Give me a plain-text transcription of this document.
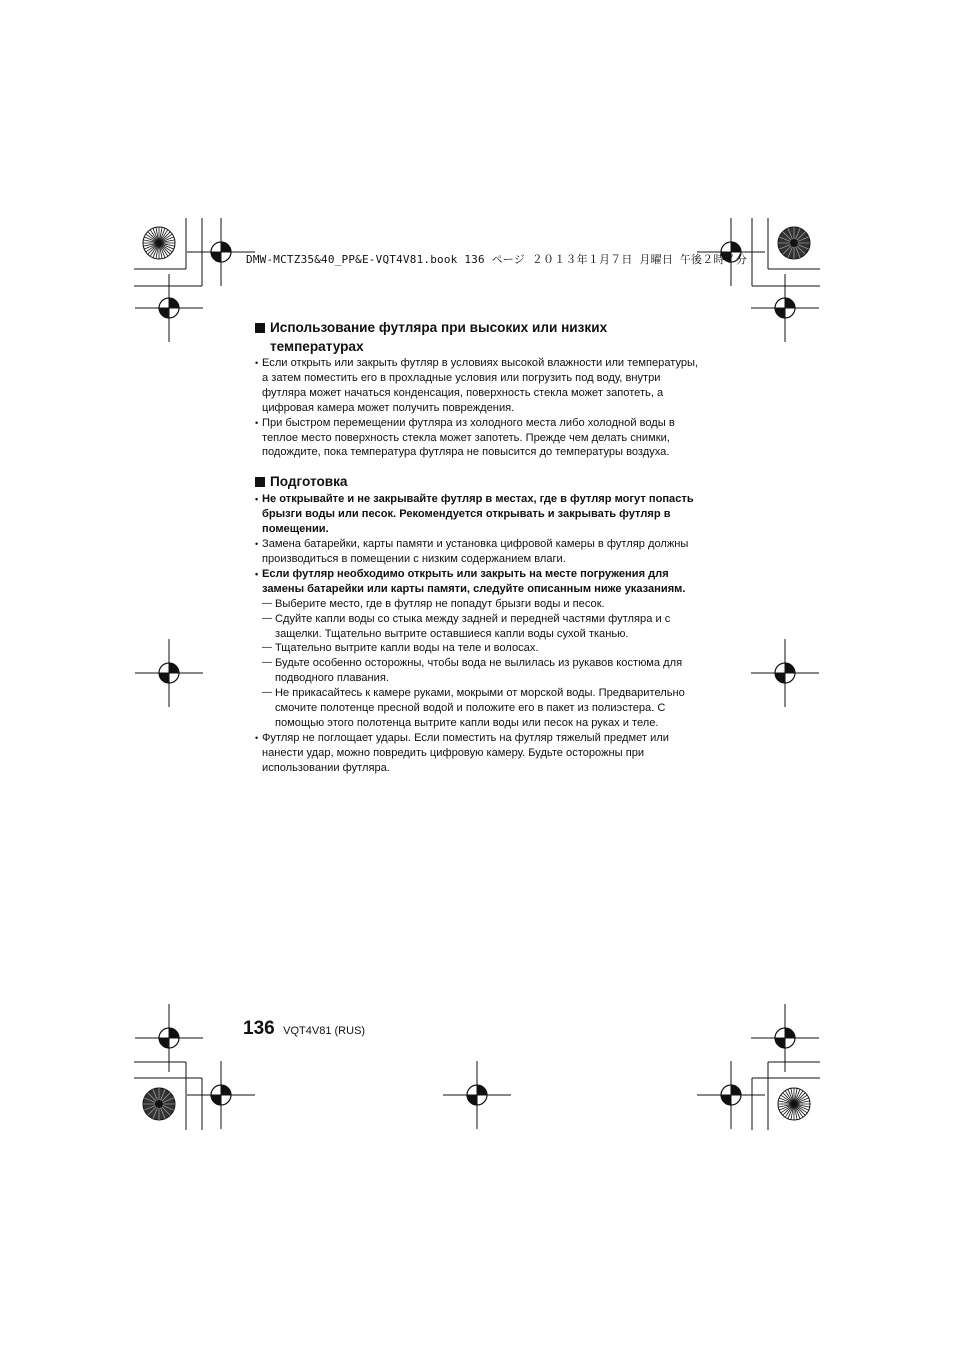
DMW-MCTZ35&40_PP&E-VQT4V81.book 136 ページ ２０１３年１月７日 月曜日 午後２時７分
Использование футляра при высоких или низких температурах
• Если открыть или закрыть футляр в условиях высокой влажности или температуры, а затем поместить его в прохладные условия или погрузить под воду, внутри футляра может начаться конденсация, поверхность стекла может запотеть, а цифровая камера может получить повреждения.
• При быстром перемещении футляра из холодного места либо холодной воды в теплое место поверхность стекла может запотеть. Прежде чем делать снимки, подождите, пока температура футляра не повысится до температуры воздуха.
Подготовка
• Не открывайте и не закрывайте футляр в местах, где в футляр могут попасть брызги воды или песок. Рекомендуется открывать и закрывать футляр в помещении.
• Замена батарейки, карты памяти и установка цифровой камеры в футляр должны производиться в помещении с низким содержанием влаги.
• Если футляр необходимо открыть или закрыть на месте погружения для замены батарейки или карты памяти, следуйте описанным ниже указаниям.
— Выберите место, где в футляр не попадут брызги воды и песок.
— Сдуйте капли воды со стыка между задней и передней частями футляра и с защелки. Тщательно вытрите оставшиеся капли воды сухой тканью.
— Тщательно вытрите капли воды на теле и волосах.
— Будьте особенно осторожны, чтобы вода не вылилась из рукавов костюма для подводного плавания.
— Не прикасайтесь к камере руками, мокрыми от морской воды. Предварительно смочите полотенце пресной водой и положите его в пакет из полиэстера. С помощью этого полотенца вытрите капли воды или песок на руках и теле.
• Футляр не поглощает удары. Если поместить на футляр тяжелый предмет или нанести удар, можно повредить цифровую камеру. Будьте осторожны при использовании футляра.
136 VQT4V81 (RUS)
